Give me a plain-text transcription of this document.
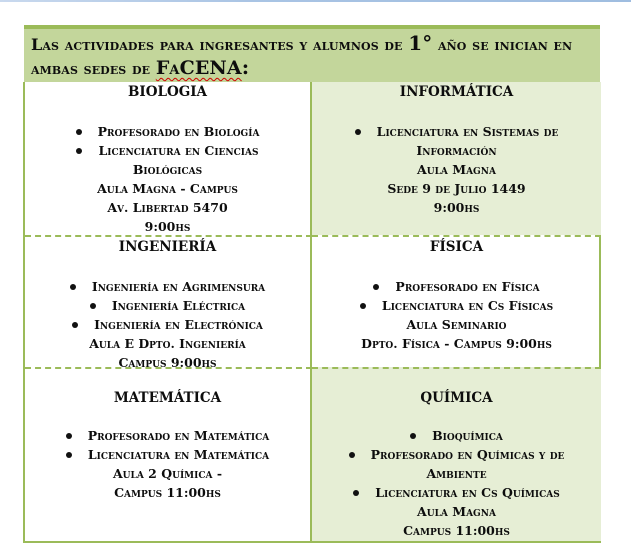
Las actividades para ingresantes y alumnos de 1° año se inician en
ambas sedes de FaCENA:
BIOLOGIA
Profesorado en Biología
Licenciatura en Ciencias
Biológicas
Aula Magna - Campus
Av. Libertad 5470
9:00hs
INFORMÁTICA
Licenciatura en Sistemas de
Información
Aula Magna
Sede 9 de Julio 1449
9:00hs
INGENIERÍA
Ingeniería en Agrimensura
Ingeniería Eléctrica
Ingeniería en Electrónica
Aula E Dpto. Ingeniería
Campus 9:00hs
FÍSICA
Profesorado en Física
Licenciatura en Cs Físicas
Aula Seminario
Dpto. Física - Campus 9:00hs
MATEMÁTICA
Profesorado en Matemática
Licenciatura en Matemática
Aula 2 Química -
Campus 11:00hs
QUÍMICA
Bioquímica
Profesorado en Químicas y de
Ambiente
Licenciatura en Cs Químicas
Aula Magna
Campus 11:00hs
